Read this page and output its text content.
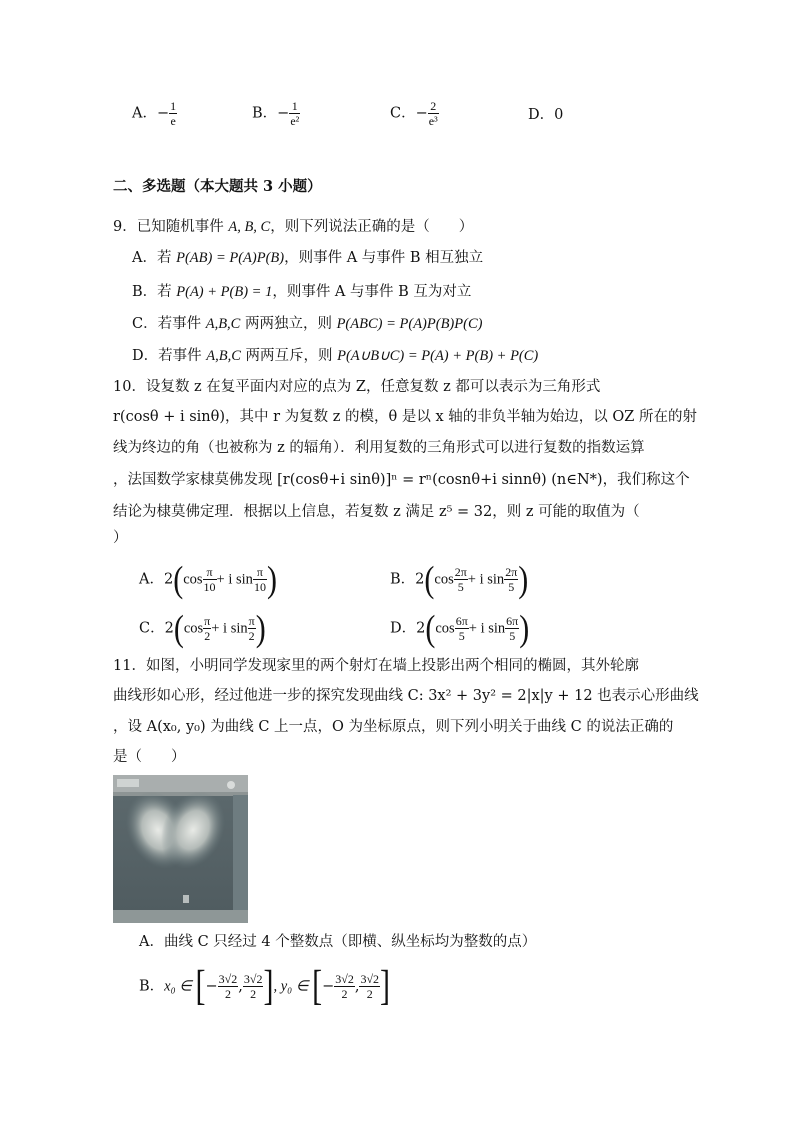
A．− $\frac{1}{e}$	B．− $\frac{1}{\text{e²}}$	C．− $\frac{2}{\text{e³}}$	D．0
二、多选题（本大题共 3 小题）
9．已知随机事件 A, B, C，则下列说法正确的是（　　）
A．若 P(AB) = P(A)P(B)，则事件 A 与事件 B 相互独立
B．若 P(A) + P(B) = 1，则事件 A 与事件 B 互为对立
C．若事件 A,B,C 两两独立，则 P(ABC) = P(A)P(B)P(C)
D．若事件 A,B,C 两两互斥，则 P(A∪B∪C) = P(A) + P(B) + P(C)
10．设复数 z 在复平面内对应的点为 Z，任意复数 z 都可以表示为三角形式
r(cosθ + i sinθ)，其中 r 为复数 z 的模，θ 是以 x 轴的非负半轴为始边，以 OZ 所在的射
线为终边的角（也被称为 z 的辐角）．利用复数的三角形式可以进行复数的指数运算
，法国数学家棣莫佛发现 [r(cosθ+i sinθ)]ⁿ = rⁿ(cosnθ+i sinnθ) (n∈N*)，我们称这个
结论为棣莫佛定理．根据以上信息，若复数 z 满足 z⁵ = 32，则 z 可能的取值为（
）
A．$2(\cos \frac{\pi}{10} + i$ $\sin \frac{\pi}{10}$ )	B．$2(\cos \frac{2\pi}{5} + i$ $\sin \frac{2\pi}{5}$ )
C．$2(\cos \frac{\pi}{2} + i$ $\sin \frac{\pi}{2}$ )	D．$2(\cos \frac{6\pi}{5} + i$ $\sin \frac{6\pi}{5}$ )
11．如图，小明同学发现家里的两个射灯在墙上投影出两个相同的椭圆，其外轮廓
曲线形如心形，经过他进一步的探究发现曲线 C: 3x² + 3y² = 2|x|y + 12 也表示心形曲线
，设 A(x₀, y₀) 为曲线 C 上一点，O 为坐标原点，则下列小明关于曲线 C 的说法正确的
是（　　）
A．曲线 C 只经过 4 个整数点（即横、纵坐标均为整数的点）
B．x₀ ∈ [− $\frac{3√2}{2}$ , $\frac{3√2}{2}$ ], y₀ ∈ [− $\frac{3√2}{2}$ , $\frac{3√2}{2}$ ]
